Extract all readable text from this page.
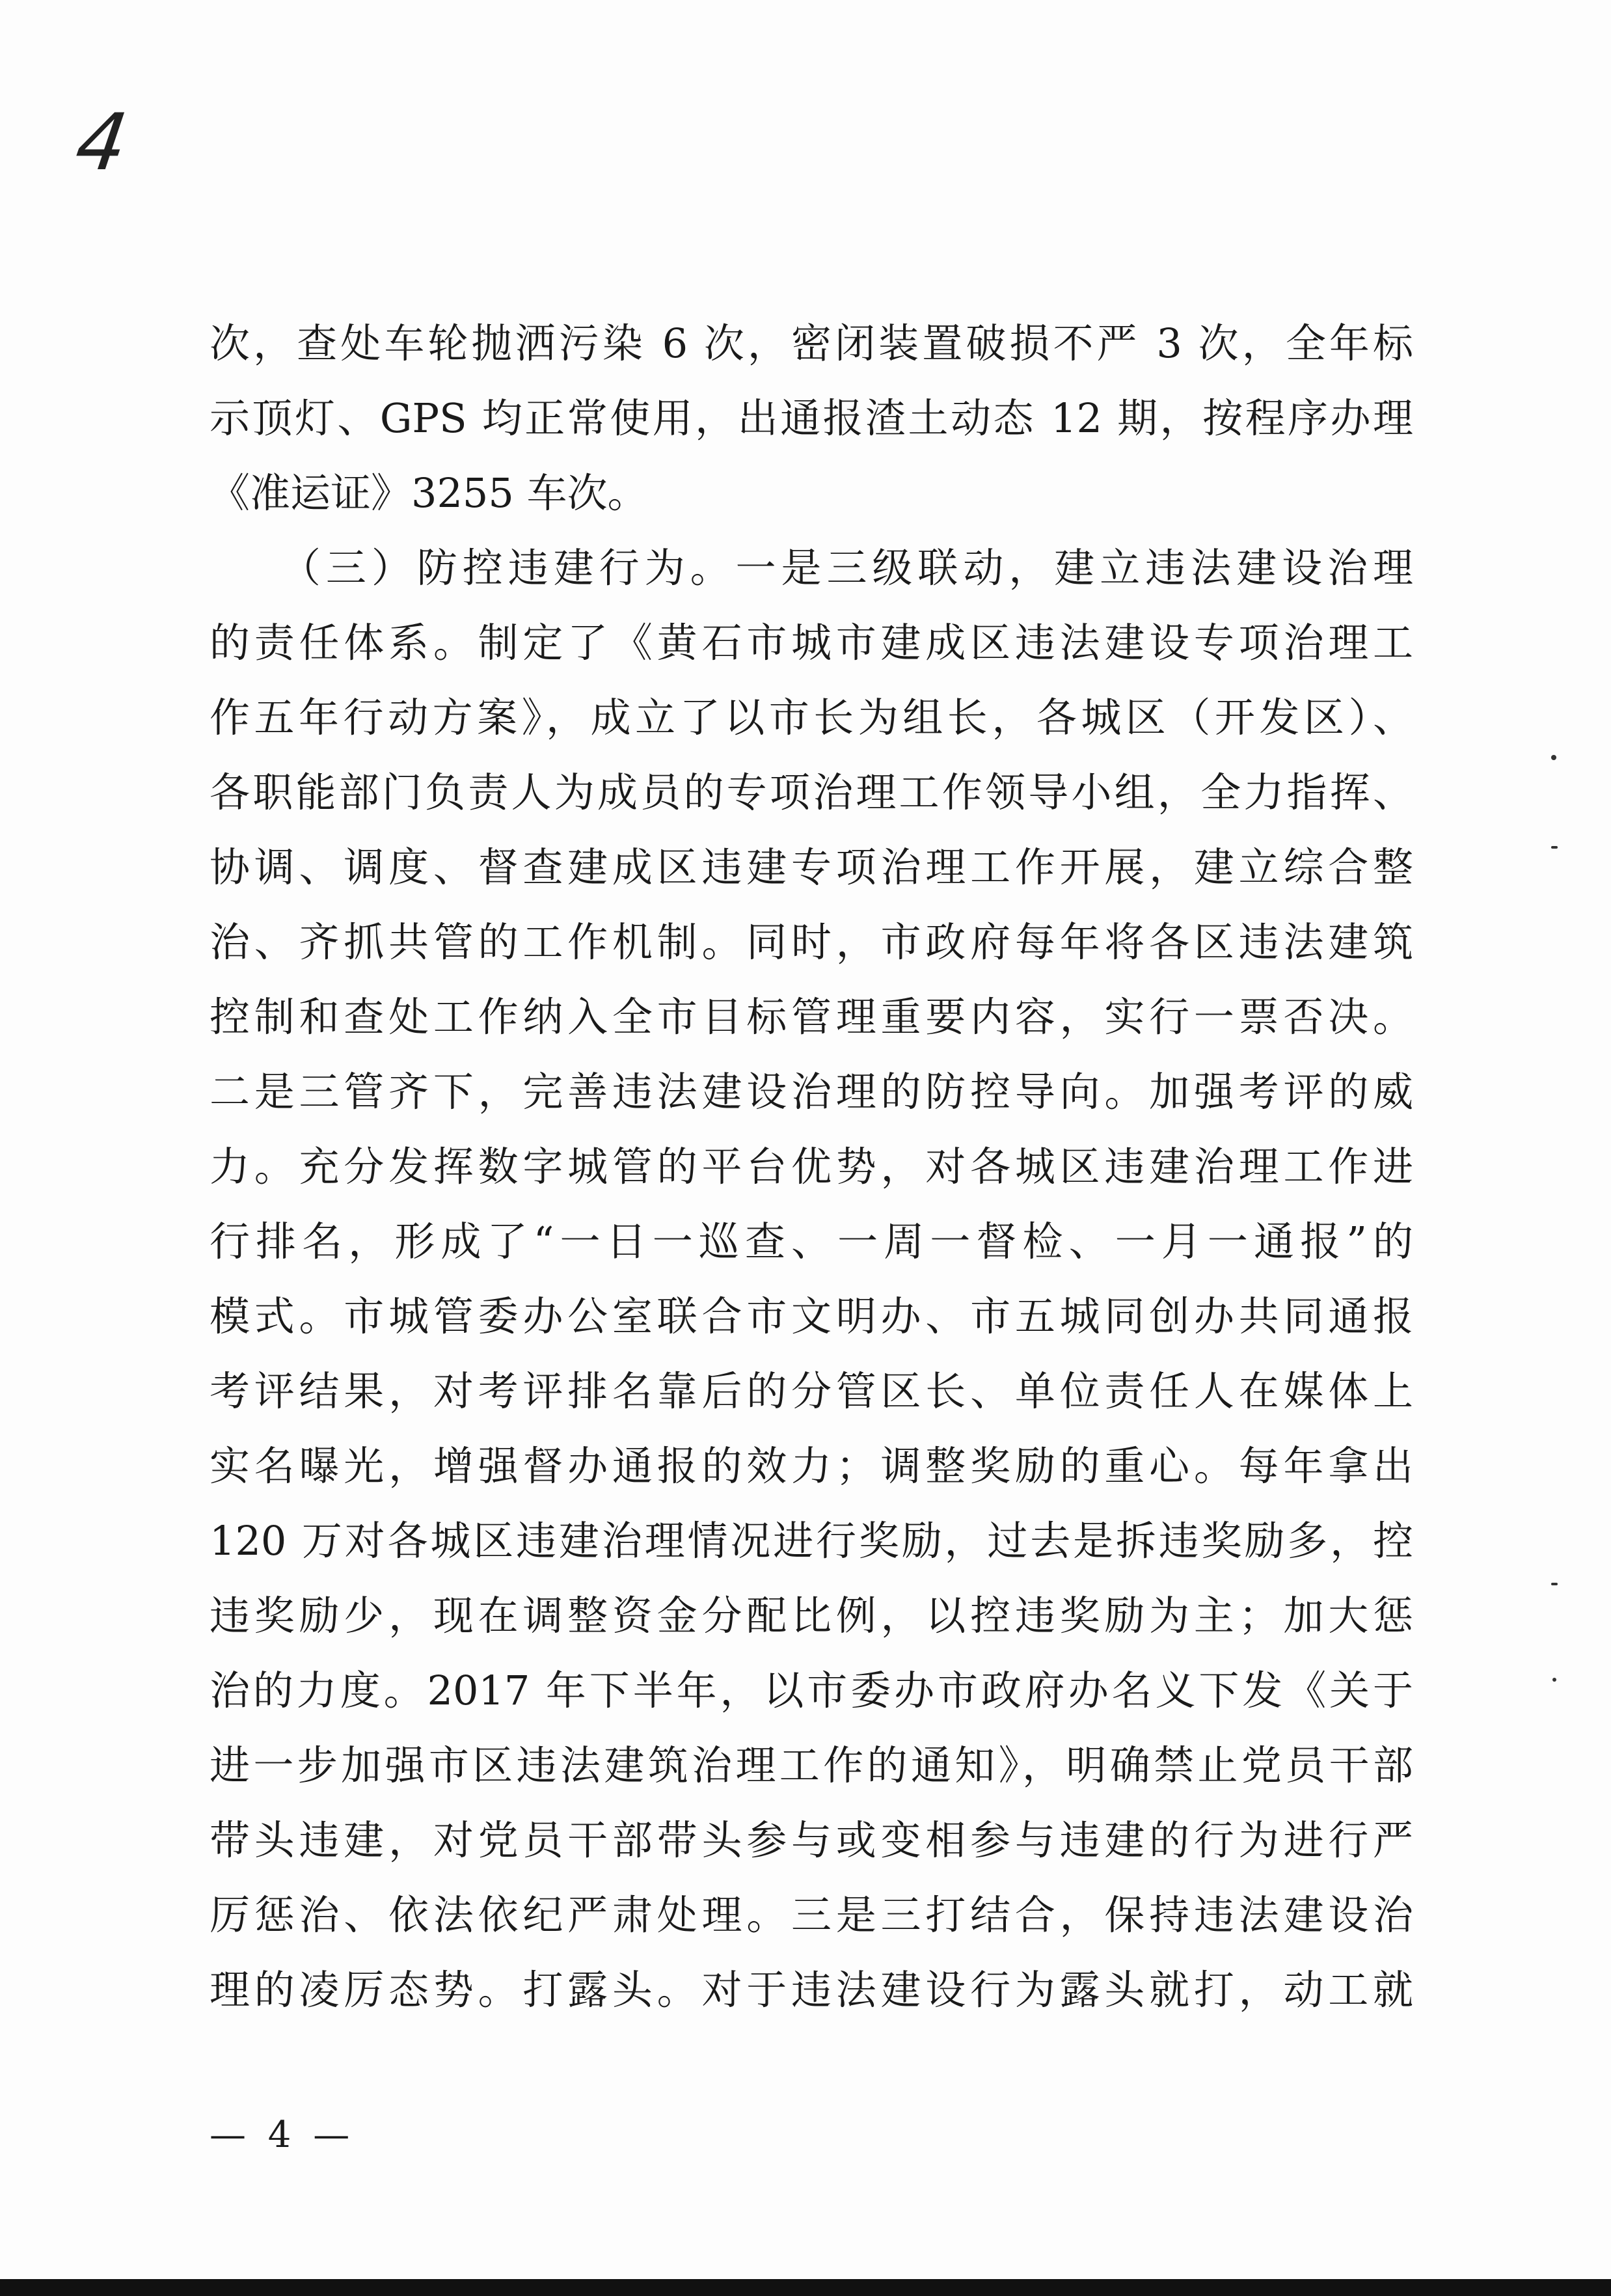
4
次，查处车轮抛洒污染 6 次，密闭装置破损不严 3 次，全年标
示顶灯、GPS 均正常使用，出通报渣土动态 12 期，按程序办理
《准运证》3255 车次。
　　（三）防控违建行为。一是三级联动，建立违法建设治理
的责任体系。制定了《黄石市城市建成区违法建设专项治理工
作五年行动方案》，成立了以市长为组长，各城区（开发区）、
各职能部门负责人为成员的专项治理工作领导小组，全力指挥、
协调、调度、督查建成区违建专项治理工作开展，建立综合整
治、齐抓共管的工作机制。同时，市政府每年将各区违法建筑
控制和查处工作纳入全市目标管理重要内容，实行一票否决。
二是三管齐下，完善违法建设治理的防控导向。加强考评的威
力。充分发挥数字城管的平台优势，对各城区违建治理工作进
行排名，形成了“一日一巡查、一周一督检、一月一通报”的
模式。市城管委办公室联合市文明办、市五城同创办共同通报
考评结果，对考评排名靠后的分管区长、单位责任人在媒体上
实名曝光，增强督办通报的效力；调整奖励的重心。每年拿出
120 万对各城区违建治理情况进行奖励，过去是拆违奖励多，控
违奖励少，现在调整资金分配比例，以控违奖励为主；加大惩
治的力度。2017 年下半年，以市委办市政府办名义下发《关于
进一步加强市区违法建筑治理工作的通知》，明确禁止党员干部
带头违建，对党员干部带头参与或变相参与违建的行为进行严
厉惩治、依法依纪严肃处理。三是三打结合，保持违法建设治
理的凌厉态势。打露头。对于违法建设行为露头就打，动工就
— 4 —
